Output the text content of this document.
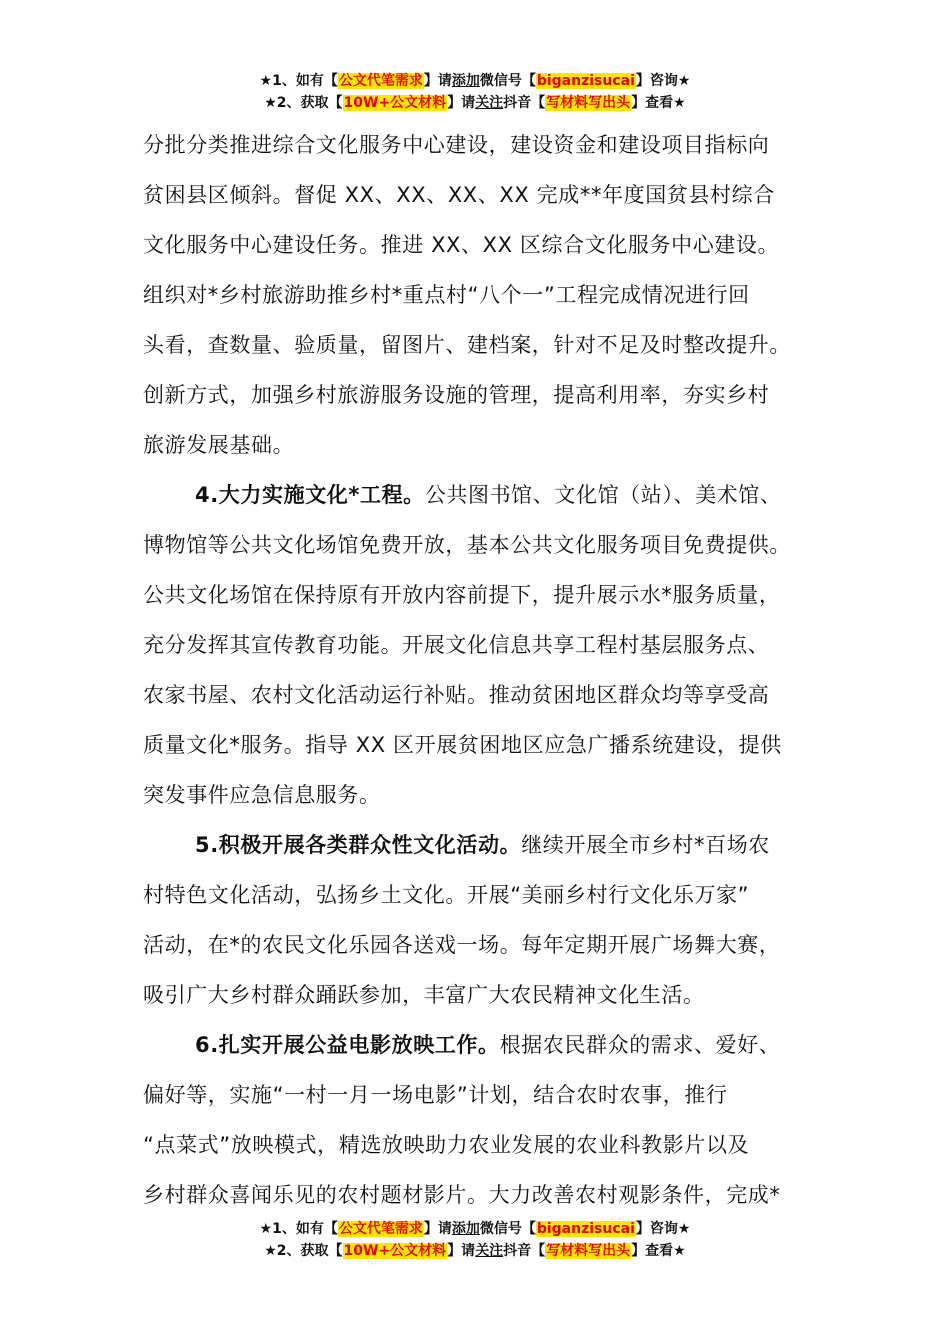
★1、如有【公文代笔需求】请添加微信号【biganzisucai】咨询★
★2、获取【10W+公文材料】请关注抖音【写材料写出头】查看★
分批分类推进综合文化服务中心建设，建设资金和建设项目指标向
贫困县区倾斜。督促 XX、XX、XX、XX 完成**年度国贫县村综合
文化服务中心建设任务。推进 XX、XX 区综合文化服务中心建设。
组织对*乡村旅游助推乡村*重点村“八个一”工程完成情况进行回
头看，查数量、验质量，留图片、建档案，针对不足及时整改提升。
创新方式，加强乡村旅游服务设施的管理，提高利用率，夯实乡村
旅游发展基础。
4.大力实施文化*工程。公共图书馆、文化馆（站）、美术馆、
博物馆等公共文化场馆免费开放，基本公共文化服务项目免费提供。
公共文化场馆在保持原有开放内容前提下，提升展示水*服务质量，
充分发挥其宣传教育功能。开展文化信息共享工程村基层服务点、
农家书屋、农村文化活动运行补贴。推动贫困地区群众均等享受高
质量文化*服务。指导 XX 区开展贫困地区应急广播系统建设，提供
突发事件应急信息服务。
5.积极开展各类群众性文化活动。继续开展全市乡村*百场农
村特色文化活动，弘扬乡土文化。开展“美丽乡村行文化乐万家”
活动，在*的农民文化乐园各送戏一场。每年定期开展广场舞大赛，
吸引广大乡村群众踊跃参加，丰富广大农民精神文化生活。
6.扎实开展公益电影放映工作。根据农民群众的需求、爱好、
偏好等，实施“一村一月一场电影”计划，结合农时农事，推行
“点菜式”放映模式，精选放映助力农业发展的农业科教影片以及
乡村群众喜闻乐见的农村题材影片。大力改善农村观影条件，完成*
★1、如有【公文代笔需求】请添加微信号【biganzisucai】咨询★
★2、获取【10W+公文材料】请关注抖音【写材料写出头】查看★
